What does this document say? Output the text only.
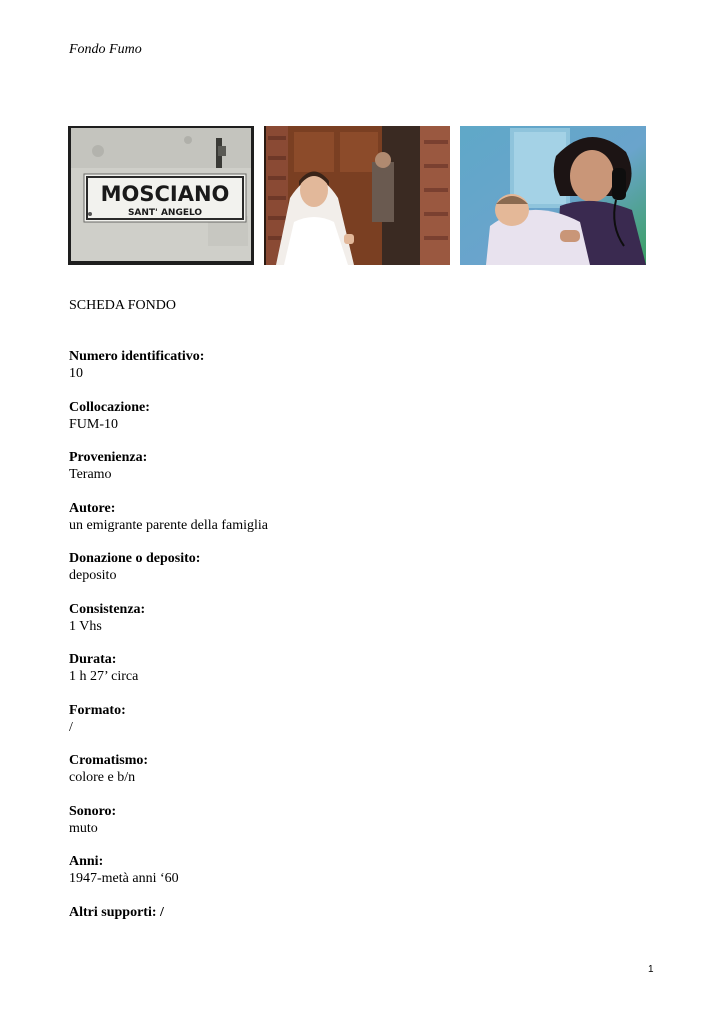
Fondo Fumo
MOSCIANO
SANT' ANGELO
SCHEDA FONDO
Numero identificativo:
10
Collocazione:
FUM-10
Provenienza:
Teramo
Autore:
un emigrante parente della famiglia
Donazione o deposito:
deposito
Consistenza:
1 Vhs
Durata:
1 h 27’ circa
Formato:
/
Cromatismo:
colore e b/n
Sonoro:
muto
Anni:
1947-metà anni ‘60
Altri supporti: /
1
